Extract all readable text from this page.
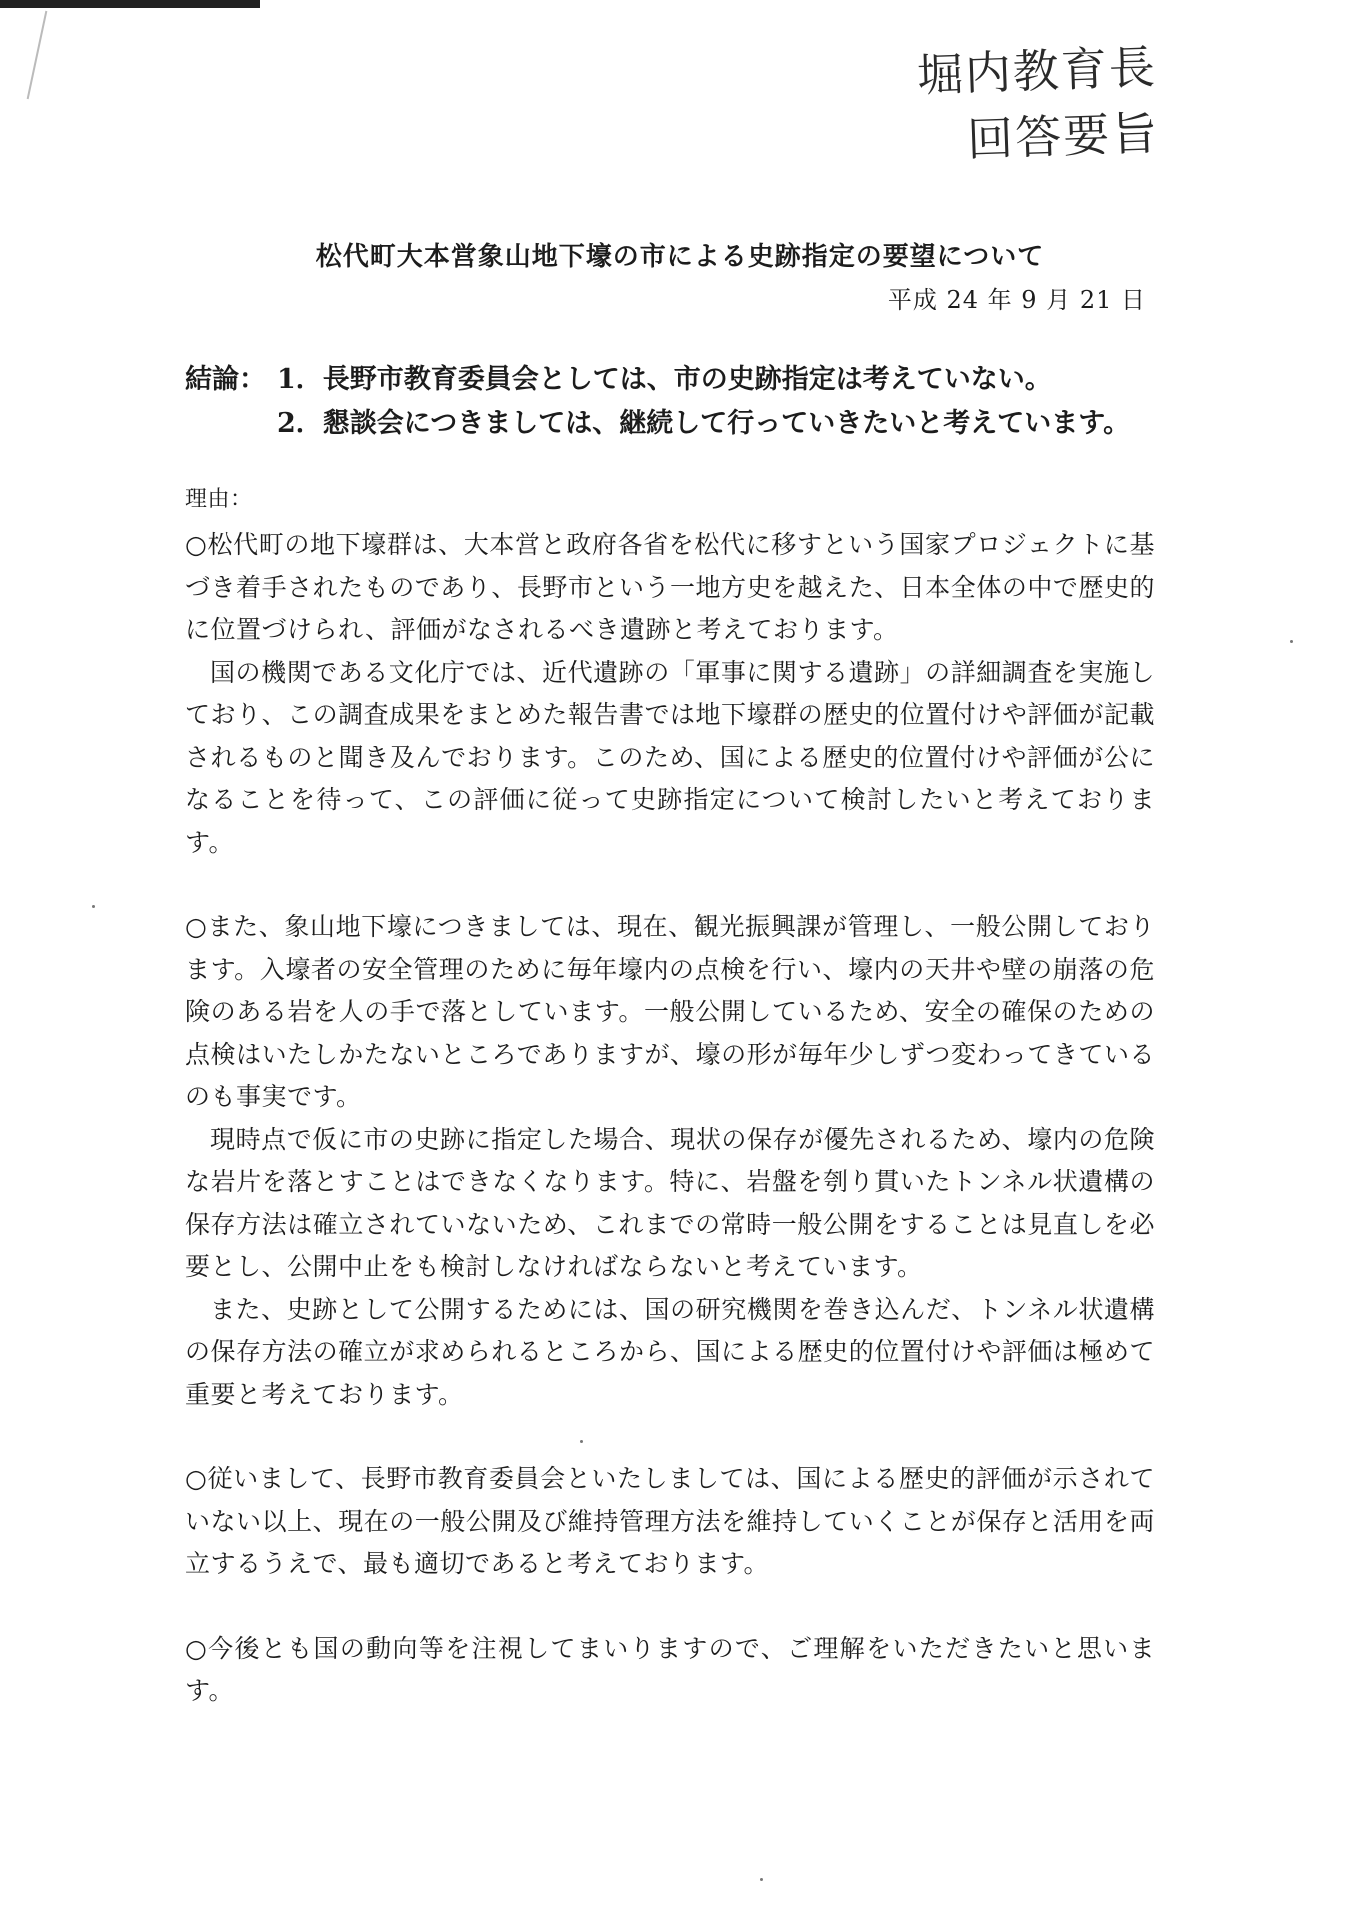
堀内教育長
回答要旨
松代町大本営象山地下壕の市による史跡指定の要望について
平成 24 年 9 月 21 日
結論： 1．長野市教育委員会としては、市の史跡指定は考えていない。
2．懇談会につきましては、継続して行っていきたいと考えています。

理由：

○松代町の地下壕群は、大本営と政府各省を松代に移すという国家プロジェクトに基づき着手されたものであり、長野市という一地方史を越えた、日本全体の中で歴史的に位置づけられ、評価がなされるべき遺跡と考えております。

国の機関である文化庁では、近代遺跡の「軍事に関する遺跡」の詳細調査を実施しており、この調査成果をまとめた報告書では地下壕群の歴史的位置付けや評価が記載されるものと聞き及んでおります。このため、国による歴史的位置付けや評価が公になることを待って、この評価に従って史跡指定について検討したいと考えております。

○また、象山地下壕につきましては、現在、観光振興課が管理し、一般公開しております。入壕者の安全管理のために毎年壕内の点検を行い、壕内の天井や壁の崩落の危険のある岩を人の手で落としています。一般公開しているため、安全の確保のための点検はいたしかたないところでありますが、壕の形が毎年少しずつ変わってきているのも事実です。

現時点で仮に市の史跡に指定した場合、現状の保存が優先されるため、壕内の危険な岩片を落とすことはできなくなります。特に、岩盤を刳り貫いたトンネル状遺構の保存方法は確立されていないため、これまでの常時一般公開をすることは見直しを必要とし、公開中止をも検討しなければならないと考えています。

また、史跡として公開するためには、国の研究機関を巻き込んだ、トンネル状遺構の保存方法の確立が求められるところから、国による歴史的位置付けや評価は極めて重要と考えております。

○従いまして、長野市教育委員会といたしましては、国による歴史的評価が示されていない以上、現在の一般公開及び維持管理方法を維持していくことが保存と活用を両立するうえで、最も適切であると考えております。

○今後とも国の動向等を注視してまいりますので、ご理解をいただきたいと思います。
